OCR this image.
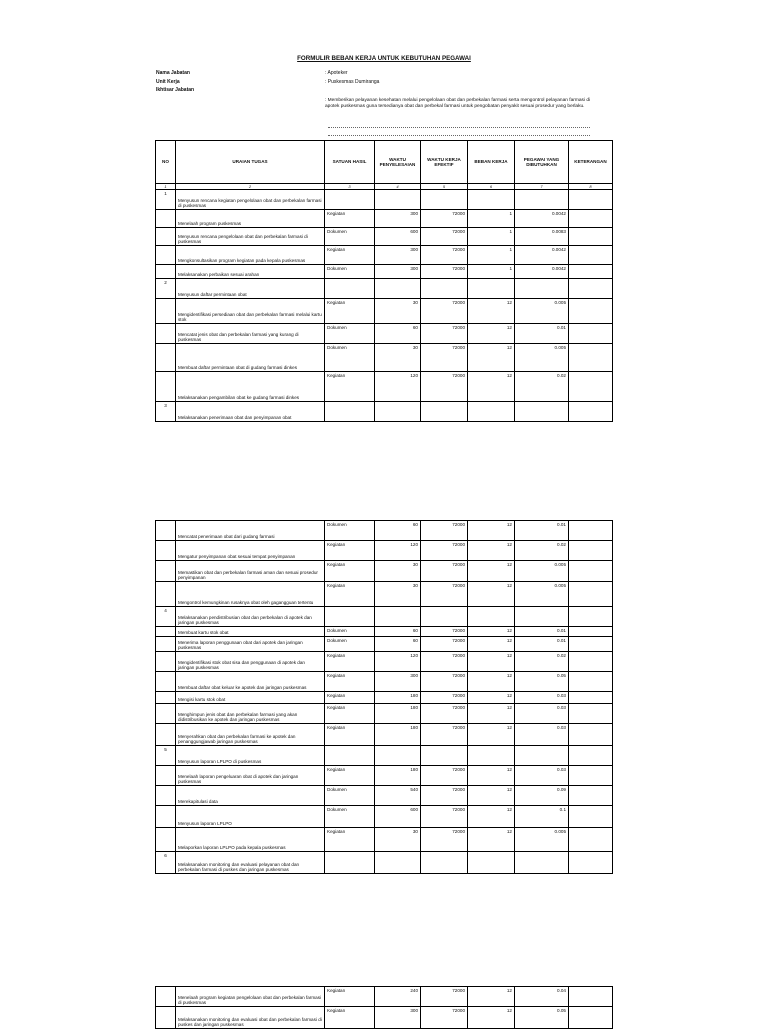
FORMULIR BEBAN KERJA UNTUK KEBUTUHAN PEGAWAI
Nama Jabatan	: Apoteker
Unit Kerja	: Puskesmas Dumiranga
Ikhtisar Jabatan
: Memberikan pelayanan kesehatan melalui pengelolaan obat dan perbekalan farmasi serta mengontrol pelayanan farmasi di apotek puskesmas guna tersedianya obat dan perbekal farmasi untuk pengobatan penyakit sesuai prosedur yang berlaku.
NO	URAIAN TUGAS	SATUAN HASIL	WAKTU PENYELESAIAN	WAKTU KERJA EFEKTIF	BEBAN KERJA	PEGAWAI YANG DIBUTUHKAN	KETERANGAN
1	2	3	4	5	6	7	8
1	Menyusun rencana kegiatan pengelolaan obat dan perbekalan farmasi di puskesmas						
	Menelaah program puskesmas	Kegiatan	300	72000	1	0.0042	
	Menyusun rencana pengelolaan obat dan perbekalan farmasi di puskesmas	Dokumen	600	72000	1	0.0083	
	Mengkonsultasikan program kegiatan pada kepala puskesmas	Kegiatan	300	72000	1	0.0042	
	Melaksanakan perbaikan sesuai arahan	Dokumen	300	72000	1	0.0042	
2	Menyusun daftar permintaan obat						
	Mengidentifikasi persediaan obat dan perbekalan farmasi melalui kartu stok	Kegiatan	30	72000	12	0.005	
	Mencatat jenis obat dan perbekalan farmasi yang kurang di puskesmas	Dokumen	60	72000	12	0.01	
	Membuat daftar permintaan obat di gudang farmasi dinkes	Dokumen	30	72000	12	0.005	
	Melaksanakan pengambilan obat ke gudang farmasi dinkes	Kegiatan	120	72000	12	0.02	
3	Melaksanakan penerimaan obat dan penyimpanan obat						
	Mencatat penerimaan obat dari gudang farmasi	Dokumen	60	72000	12	0.01	
	Mengatur penyimpanan obat sesuai tempat penyimpanan	Kegiatan	120	72000	12	0.02	
	Memastikan obat dan perbekalan farmasi aman dan sesuai prosedur penyimpanan	Kegiatan	30	72000	12	0.005	
	Mengontrol kemungkinan rusaknya obat oleh gagangguan tertentu	Kegiatan	30	72000	12	0.005	
4	Melaksanakan pendistribusian obat dan perbekalan di apotek dan jaringan puskesmas						
	Membuat kartu stok obat	Dokumen	60	72000	12	0.01	
	Menerima laporan penggunaan obat dari apotek dan jaringan puskesmas	Dokumen	60	72000	12	0.01	
	Mengidentifikasi stok obat sisa dan penggunaan di apotek dan jaringan puskesmas	Kegiatan	120	72000	12	0.02	
	Membuat daftar obat keluar ke apotek dan jaringan puskesmas	Kegiatan	300	72000	12	0.05	
	Mengisi kartu stok obat	Kegiatan	180	72000	12	0.03	
	Menghimpun jenis obat dan perbekalan farmasi yang akan didistribusikan ke apotek dan jaringan puskesmas	Kegiatan	180	72000	12	0.03	
	Menyerahkan obat dan perbekalan farmasi ke apotek dan penanggungjawab jaringan puskesmas	Kegiatan	180	72000	12	0.03	
5	Menyusun laporan LPLPO di puskesmas						
	Menelaah laporan pengeluaran obat di apotek dan jaringan puskesmas	Kegiatan	180	72000	12	0.03	
	Merekapitulasi data	Dokumen	540	72000	12	0.09	
	Menyusun laporan LPLPO	Dokumen	600	72000	12	0.1	
	Melaporkan laporan LPLPO pada kepala puskesmas	Kegiatan	30	72000	12	0.005	
6	Melaksanakan monitoring dan evaluasi pelayanan obat dan perbekalan farmasi di puskes dan jaringan puskesmas						
	Menelaah program kegiatan pengelolaan obat dan perbekalan farmasi di puskesmas	Kegiatan	240	72000	12	0.04	
	Melaksanakan monitoring dan evaluasi obat dan perbekalan farmasi di puskes dan jaringan puskesmas	Kegiatan	300	72000	12	0.05	
